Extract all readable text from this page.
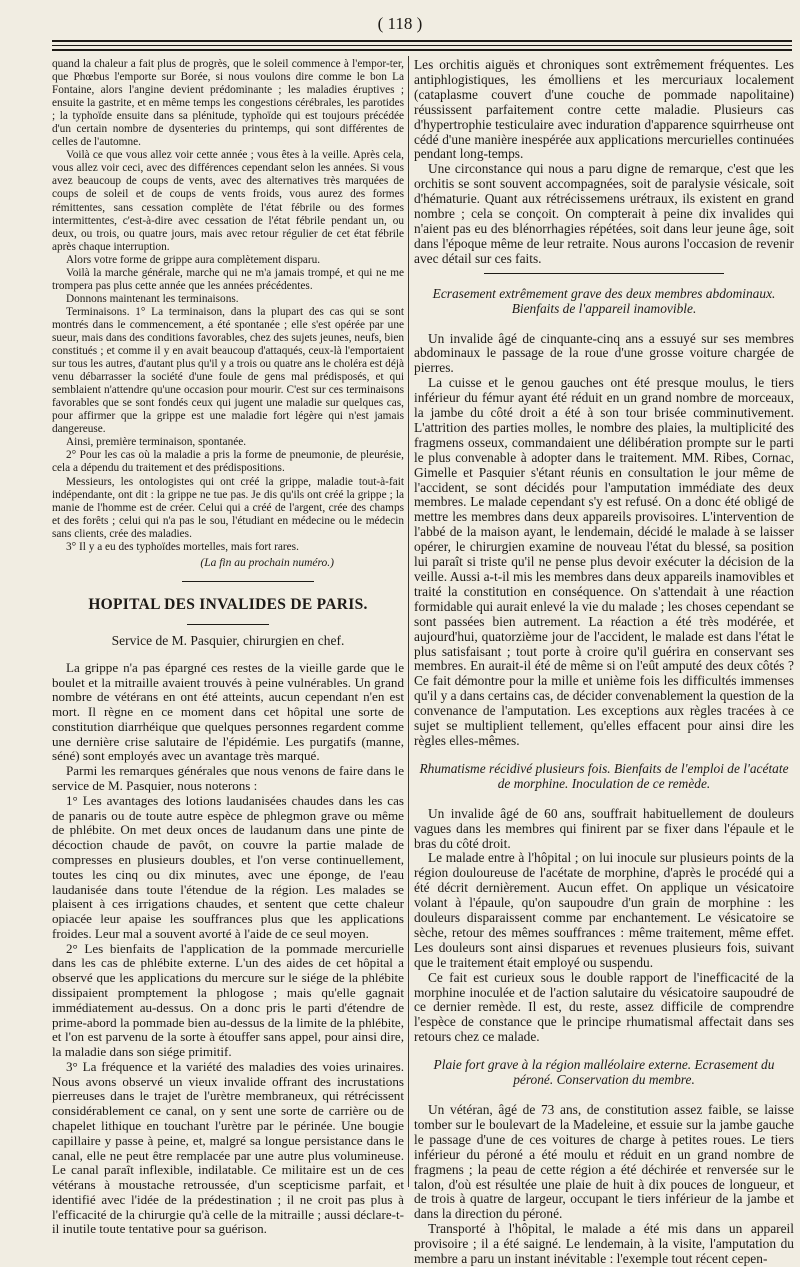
( 118 )

quand la chaleur a fait plus de progrès, que le soleil commence à l'empor-ter, que Phœbus l'emporte sur Borée, si nous voulons dire comme le bon La Fontaine, alors l'angine devient prédominante ; les maladies éruptives ; ensuite la gastrite, et en même temps les congestions cérébrales, les parotides ; la typhoïde ensuite dans sa plénitude, typhoïde qui est toujours précédée d'un certain nombre de dysenteries du printemps, qui sont différentes de celles de l'automne.

Voilà ce que vous allez voir cette année ; vous êtes à la veille. Après cela, vous allez voir ceci, avec des différences cependant selon les années. Si vous avez beaucoup de coups de vents, avec des alternatives très marquées de coups de soleil et de coups de vents froids, vous aurez des formes rémittentes, sans cessation complète de l'état fébrile ou des formes intermittentes, c'est-à-dire avec cessation de l'état fébrile pendant un, ou deux, ou trois, ou quatre jours, mais avec retour régulier de cet état fébrile après chaque interruption.

Alors votre forme de grippe aura complètement disparu.

Voilà la marche générale, marche qui ne m'a jamais trompé, et qui ne me trompera pas plus cette année que les années précédentes.

Donnons maintenant les terminaisons.

Terminaisons. 1° La terminaison, dans la plupart des cas qui se sont montrés dans le commencement, a été spontanée ; elle s'est opérée par une sueur, mais dans des conditions favorables, chez des sujets jeunes, neufs, bien constitués ; et comme il y en avait beaucoup d'attaqués, ceux-là l'emportaient sur tous les autres, d'autant plus qu'il y a trois ou quatre ans le choléra est déjà venu débarrasser la société d'une foule de gens mal prédisposés, et qui semblaient n'attendre qu'une occasion pour mourir. C'est sur ces terminaisons favorables que se sont fondés ceux qui jugent une maladie sur quelques cas, pour affirmer que la grippe est une maladie fort légère qui n'est jamais dangereuse.

Ainsi, première terminaison, spontanée.

2° Pour les cas où la maladie a pris la forme de pneumonie, de pleurésie, cela a dépendu du traitement et des prédispositions.

Messieurs, les ontologistes qui ont créé la grippe, maladie tout-à-fait indépendante, ont dit : la grippe ne tue pas. Je dis qu'ils ont créé la grippe ; la manie de l'homme est de créer. Celui qui a créé de l'argent, crée des champs et des forêts ; celui qui n'a pas le sou, l'étudiant en médecine ou le médecin sans clients, crée des maladies.

3° Il y a eu des typhoïdes mortelles, mais fort rares.

(La fin au prochain numéro.)
HOPITAL DES INVALIDES DE PARIS.
Service de M. Pasquier, chirurgien en chef.

La grippe n'a pas épargné ces restes de la vieille garde que le boulet et la mitraille avaient trouvés à peine vulnérables. Un grand nombre de vétérans en ont été atteints, aucun cependant n'en est mort. Il règne en ce moment dans cet hôpital une sorte de constitution diarrhéique que quelques personnes regardent comme une dernière crise salutaire de l'épidémie. Les purgatifs (manne, séné) sont employés avec un avantage très marqué.

Parmi les remarques générales que nous venons de faire dans le service de M. Pasquier, nous noterons :

1° Les avantages des lotions laudanisées chaudes dans les cas de panaris ou de toute autre espèce de phlegmon grave ou même de phlébite. On met deux onces de laudanum dans une pinte de décoction chaude de pavôt, on couvre la partie malade de compresses en plusieurs doubles, et l'on verse continuellement, toutes les cinq ou dix minutes, avec une éponge, de l'eau laudanisée dans toute l'étendue de la région. Les malades se plaisent à ces irrigations chaudes, et sentent que cette chaleur opiacée leur apaise les souffrances plus que les applications froides. Leur mal a souvent avorté à l'aide de ce seul moyen.

2° Les bienfaits de l'application de la pommade mercurielle dans les cas de phlébite externe. L'un des aides de cet hôpital a observé que les applications du mercure sur le siége de la phlébite dissipaient promptement la phlogose ; mais qu'elle gagnait immédiatement au-dessus. On a donc pris le parti d'étendre de prime-abord la pommade bien au-dessus de la limite de la phlébite, et l'on est parvenu de la sorte à étouffer sans appel, pour ainsi dire, la maladie dans son siége primitif.

3° La fréquence et la variété des maladies des voies urinaires. Nous avons observé un vieux invalide offrant des incrustations pierreuses dans le trajet de l'urètre membraneux, qui rétrécissent considérablement ce canal, on y sent une sorte de carrière ou de chapelet lithique en touchant l'urètre par le périnée. Une bougie capillaire y passe à peine, et, malgré sa longue persistance dans le canal, elle ne peut être remplacée par une autre plus volumineuse. Le canal paraît inflexible, indilatable. Ce militaire est un de ces vétérans à moustache retroussée, d'un scepticisme parfait, et identifié avec l'idée de la prédestination ; il ne croit pas plus à l'efficacité de la chirurgie qu'à celle de la mitraille ; aussi déclare-t-il inutile toute tentative pour sa guérison.

Les orchitis aiguës et chroniques sont extrêmement fréquentes. Les antiphlogistiques, les émolliens et les mercuriaux localement (cataplasme couvert d'une couche de pommade napolitaine) réussissent parfaitement contre cette maladie. Plusieurs cas d'hypertrophie testiculaire avec induration d'apparence squirrheuse ont cédé d'une manière inespérée aux applications mercurielles continuées pendant long-temps.

Une circonstance qui nous a paru digne de remarque, c'est que les orchitis se sont souvent accompagnées, soit de paralysie vésicale, soit d'hématurie. Quant aux rétrécissemens urétraux, ils existent en grand nombre ; cela se conçoit. On compterait à peine dix invalides qui n'aient pas eu des blénorrhagies répétées, soit dans leur jeune âge, soit dans l'époque même de leur retraite. Nous aurons l'occasion de revenir avec détail sur ces faits.

Ecrasement extrêmement grave des deux membres abdominaux. Bienfaits de l'appareil inamovible.

Un invalide âgé de cinquante-cinq ans a essuyé sur ses membres abdominaux le passage de la roue d'une grosse voiture chargée de pierres.

La cuisse et le genou gauches ont été presque moulus, le tiers inférieur du fémur ayant été réduit en un grand nombre de morceaux, la jambe du côté droit a été à son tour brisée comminutivement. L'attrition des parties molles, le nombre des plaies, la multiplicité des fragmens osseux, commandaient une délibération prompte sur le parti le plus convenable à adopter dans le traitement. MM. Ribes, Cornac, Gimelle et Pasquier s'étant réunis en consultation le jour même de l'accident, se sont décidés pour l'amputation immédiate des deux membres. Le malade cependant s'y est refusé. On a donc été obligé de mettre les membres dans deux appareils provisoires. L'intervention de l'abbé de la maison ayant, le lendemain, décidé le malade à se laisser opérer, le chirurgien examine de nouveau l'état du blessé, sa position lui paraît si triste qu'il ne pense plus devoir exécuter la décision de la veille. Aussi a-t-il mis les membres dans deux appareils inamovibles et traité la constitution en conséquence. On s'attendait à une réaction formidable qui aurait enlevé la vie du malade ; les choses cependant se sont passées bien autrement. La réaction a été très modérée, et aujourd'hui, quatorzième jour de l'accident, le malade est dans l'état le plus satisfaisant ; tout porte à croire qu'il guérira en conservant ses membres. En aurait-il été de même si on l'eût amputé des deux côtés ? Ce fait démontre pour la mille et unième fois les difficultés immenses qu'il y a dans certains cas, de décider convenablement la question de la convenance de l'amputation. Les exceptions aux règles tracées à ce sujet se multiplient tellement, qu'elles effacent pour ainsi dire les règles elles-mêmes.

Rhumatisme récidivé plusieurs fois. Bienfaits de l'emploi de l'acétate de morphine. Inoculation de ce remède.

Un invalide âgé de 60 ans, souffrait habituellement de douleurs vagues dans les membres qui finirent par se fixer dans l'épaule et le bras du côté droit.

Le malade entre à l'hôpital ; on lui inocule sur plusieurs points de la région douloureuse de l'acétate de morphine, d'après le procédé qui a été décrit dernièrement. Aucun effet. On applique un vésicatoire volant à l'épaule, qu'on saupoudre d'un grain de morphine : les douleurs disparaissent comme par enchantement. Le vésicatoire se sèche, retour des mêmes souffrances : même traitement, même effet. Les douleurs sont ainsi disparues et revenues plusieurs fois, suivant que le traitement était employé ou suspendu.

Ce fait est curieux sous le double rapport de l'inefficacité de la morphine inoculée et de l'action salutaire du vésicatoire saupoudré de ce dernier remède. Il est, du reste, assez difficile de comprendre l'espèce de constance que le principe rhumatismal affectait dans ses retours chez ce malade.

Plaie fort grave à la région malléolaire externe. Ecrasement du péroné. Conservation du membre.

Un vétéran, âgé de 73 ans, de constitution assez faible, se laisse tomber sur le boulevart de la Madeleine, et essuie sur la jambe gauche le passage d'une de ces voitures de charge à petites roues. Le tiers inférieur du péroné a été moulu et réduit en un grand nombre de fragmens ; la peau de cette région a été déchirée et renversée sur le talon, d'où est résultée une plaie de huit à dix pouces de longueur, et de trois à quatre de largeur, occupant le tiers inférieur de la jambe et dans la direction du péroné.

Transporté à l'hôpital, le malade a été mis dans un appareil provisoire ; il a été saigné. Le lendemain, à la visite, l'amputation du membre a paru un instant inévitable : l'exemple tout récent cepen-
